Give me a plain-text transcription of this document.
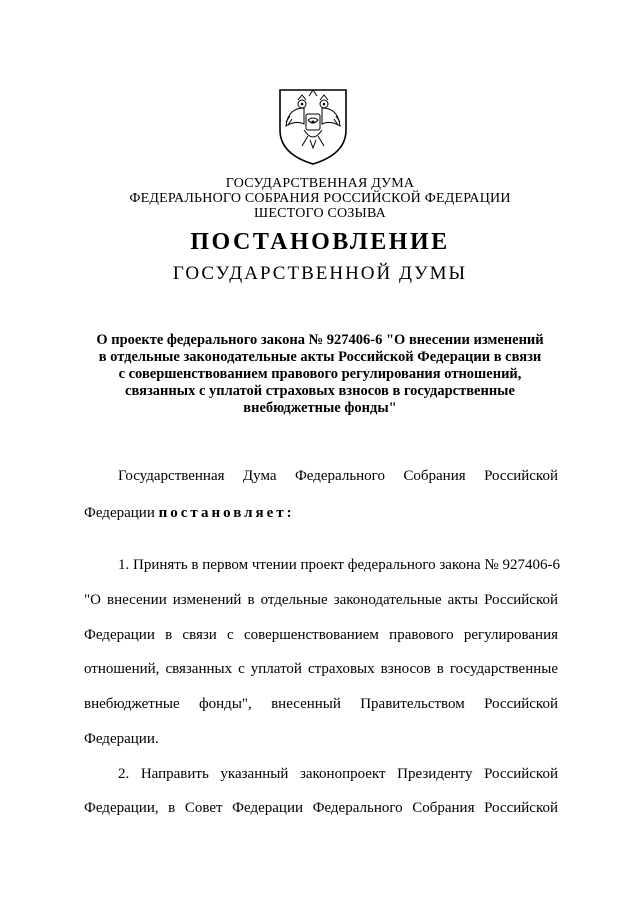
ГОСУДАРСТВЕННАЯ ДУМА
ФЕДЕРАЛЬНОГО СОБРАНИЯ РОССИЙСКОЙ ФЕДЕРАЦИИ
ШЕСТОГО СОЗЫВА
ПОСТАНОВЛЕНИЕ
ГОСУДАРСТВЕННОЙ ДУМЫ
О проекте федерального закона № 927406-6 "О внесении изменений
в отдельные законодательные акты Российской Федерации в связи
с совершенствованием правового регулирования отношений,
связанных с уплатой страховых взносов в государственные
внебюджетные фонды"
Государственная Дума Федерального Собрания Российской
Федерации постановляет:
1. Принять в первом чтении проект федерального закона № 927406-6
"О внесении изменений в отдельные законодательные акты Российской
Федерации в связи с совершенствованием правового регулирования
отношений, связанных с уплатой страховых взносов в государственные
внебюджетные фонды", внесенный Правительством Российской
Федерации.
2. Направить указанный законопроект Президенту Российской
Федерации, в Совет Федерации Федерального Собрания Российской
